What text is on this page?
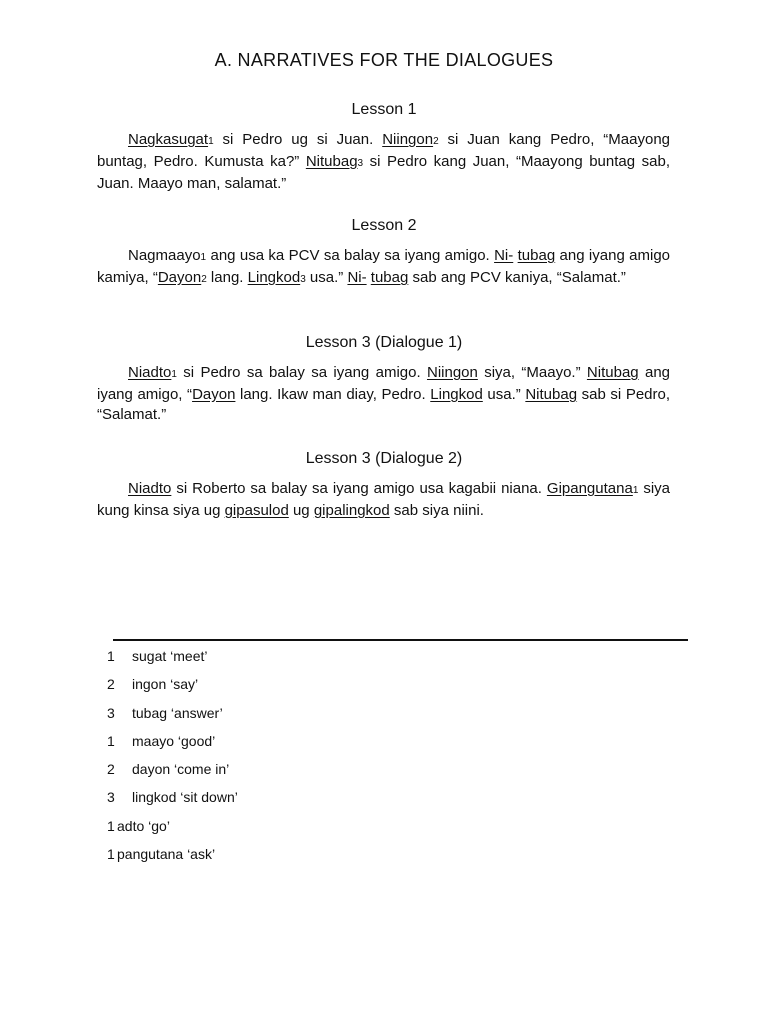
A. NARRATIVES FOR THE DIALOGUES
Lesson 1
Nagkasugat1 si Pedro ug si Juan. Niingon2 si Juan kang Pedro, “Maayong buntag, Pedro. Kumusta ka?” Nitubag3 si Pedro kang Juan, “Maayong buntag sab, Juan. Maayo man, salamat.”
Lesson 2
Nagmaayo1 ang usa ka PCV sa balay sa iyang amigo. Ni- tubag ang iyang amigo kamiya, “Dayon2 lang. Lingkod3 usa.” Ni- tubag sab ang PCV kaniya, “Salamat.”
Lesson 3 (Dialogue 1)
Niadto1 si Pedro sa balay sa iyang amigo. Niingon siya, “Maayo.” Nitubag ang iyang amigo, “Dayon lang. Ikaw man diay, Pedro. Lingkod usa.” Nitubag sab si Pedro, “Salamat.”
Lesson 3 (Dialogue 2)
Niadto si Roberto sa balay sa iyang amigo usa kagabii niana. Gipangutana1 siya kung kinsa siya ug gipasulod ug gipalingkod sab siya niini.
1 sugat ‘meet’
2 ingon ‘say’
3 tubag ‘answer’
1 maayo ‘good’
2 dayon ‘come in’
3 lingkod ‘sit down’
1 adto ‘go’
1 pangutana ‘ask’
